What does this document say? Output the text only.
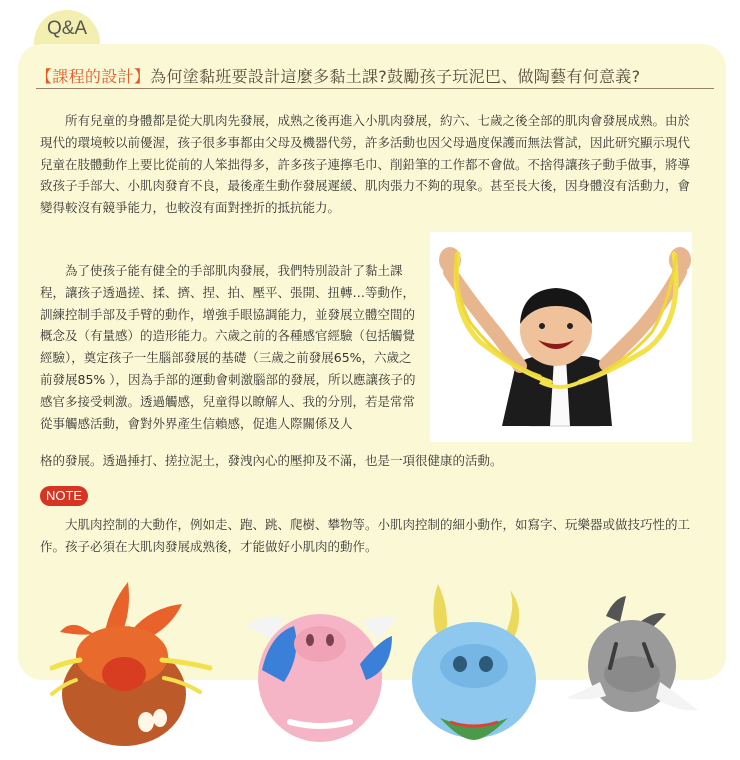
Q&A
【課程的設計】為何塗黏班要設計這麼多黏土課?鼓勵孩子玩泥巴、做陶藝有何意義?

所有兒童的身體都是從大肌肉先發展，成熟之後再進入小肌肉發展，約六、七歲之後全部的肌肉會發展成熟。由於現代的環境較以前優渥，孩子很多事都由父母及機器代勞，許多活動也因父母過度保護而無法嘗試，因此研究顯示現代兒童在肢體動作上要比從前的人笨拙得多，許多孩子連擰毛巾、削鉛筆的工作都不會做。不捨得讓孩子動手做事，將導致孩子手部大、小肌肉發育不良，最後產生動作發展遲緩、肌肉張力不夠的現象。甚至長大後，因身體沒有活動力，會變得較沒有競爭能力，也較沒有面對挫折的抵抗能力。

為了使孩子能有健全的手部肌肉發展，我們特別設計了黏土課程，讓孩子透過搓、揉、擠、捏、拍、壓平、張開、扭轉…等動作，訓練控制手部及手臂的動作，增強手眼協調能力，並發展立體空間的概念及（有量感）的造形能力。六歲之前的各種感官經驗（包括觸覺經驗），奠定孩子一生腦部發展的基礎（三歲之前發展65%，六歲之前發展85% ），因為手部的運動會刺激腦部的發展，所以應讓孩子的感官多接受刺激。透過觸感，兒童得以瞭解人、我的分別，若是常常從事觸感活動，會對外界產生信賴感，促進人際關係及人

格的發展。透過捶打、搓拉泥土，發洩內心的壓抑及不滿，也是一項很健康的活動。

NOTE

大肌肉控制的大動作，例如走、跑、跳、爬樹、攀物等。小肌肉控制的細小動作，如寫字、玩樂器或做技巧性的工作。孩子必須在大肌肉發展成熟後，才能做好小肌肉的動作。
